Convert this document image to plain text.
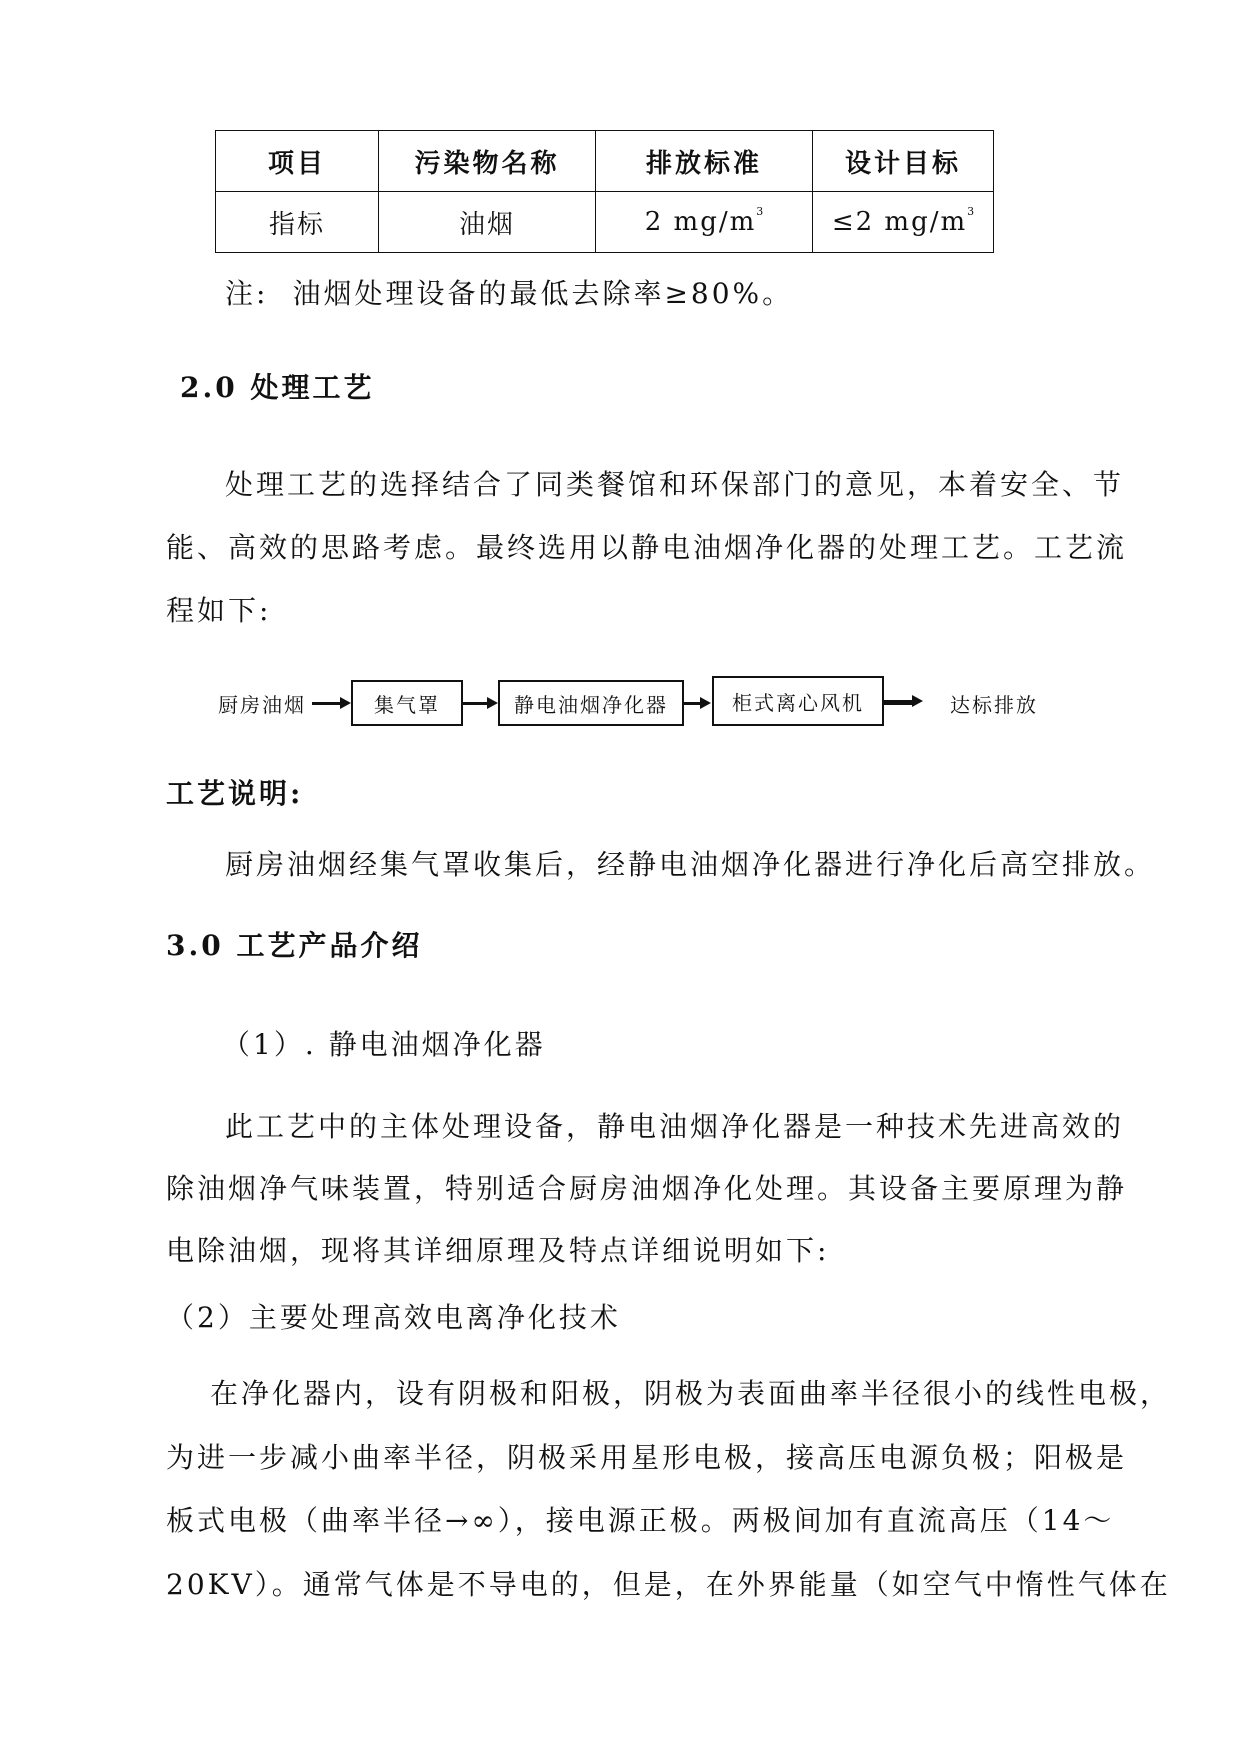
项目	污染物名称	排放标准	设计目标
指标	油烟	2 $mg/m^3$	≤2 $mg/m^3$
注: 油烟处理设备的最低去除率≥80%。
2.0 处理工艺
处理工艺的选择结合了同类餐馆和环保部门的意见，本着安全、节
能、高效的思路考虑。最终选用以静电油烟净化器的处理工艺。工艺流
程如下:
厨房油烟	集气罩	静电油烟净化器	柜式离心风机	达标排放
工艺说明:
厨房油烟经集气罩收集后，经静电油烟净化器进行净化后高空排放。
3.0 工艺产品介绍
（1）. 静电油烟净化器
此工艺中的主体处理设备，静电油烟净化器是一种技术先进高效的
除油烟净气味装置，特别适合厨房油烟净化处理。其设备主要原理为静
电除油烟，现将其详细原理及特点详细说明如下:
（2）主要处理高效电离净化技术
在净化器内，设有阴极和阳极，阴极为表面曲率半径很小的线性电极，
为进一步减小曲率半径，阴极采用星形电极，接高压电源负极；阳极是
板式电极（曲率半径→∞），接电源正极。两极间加有直流高压（14～
20KV）。通常气体是不导电的，但是，在外界能量（如空气中惰性气体在
